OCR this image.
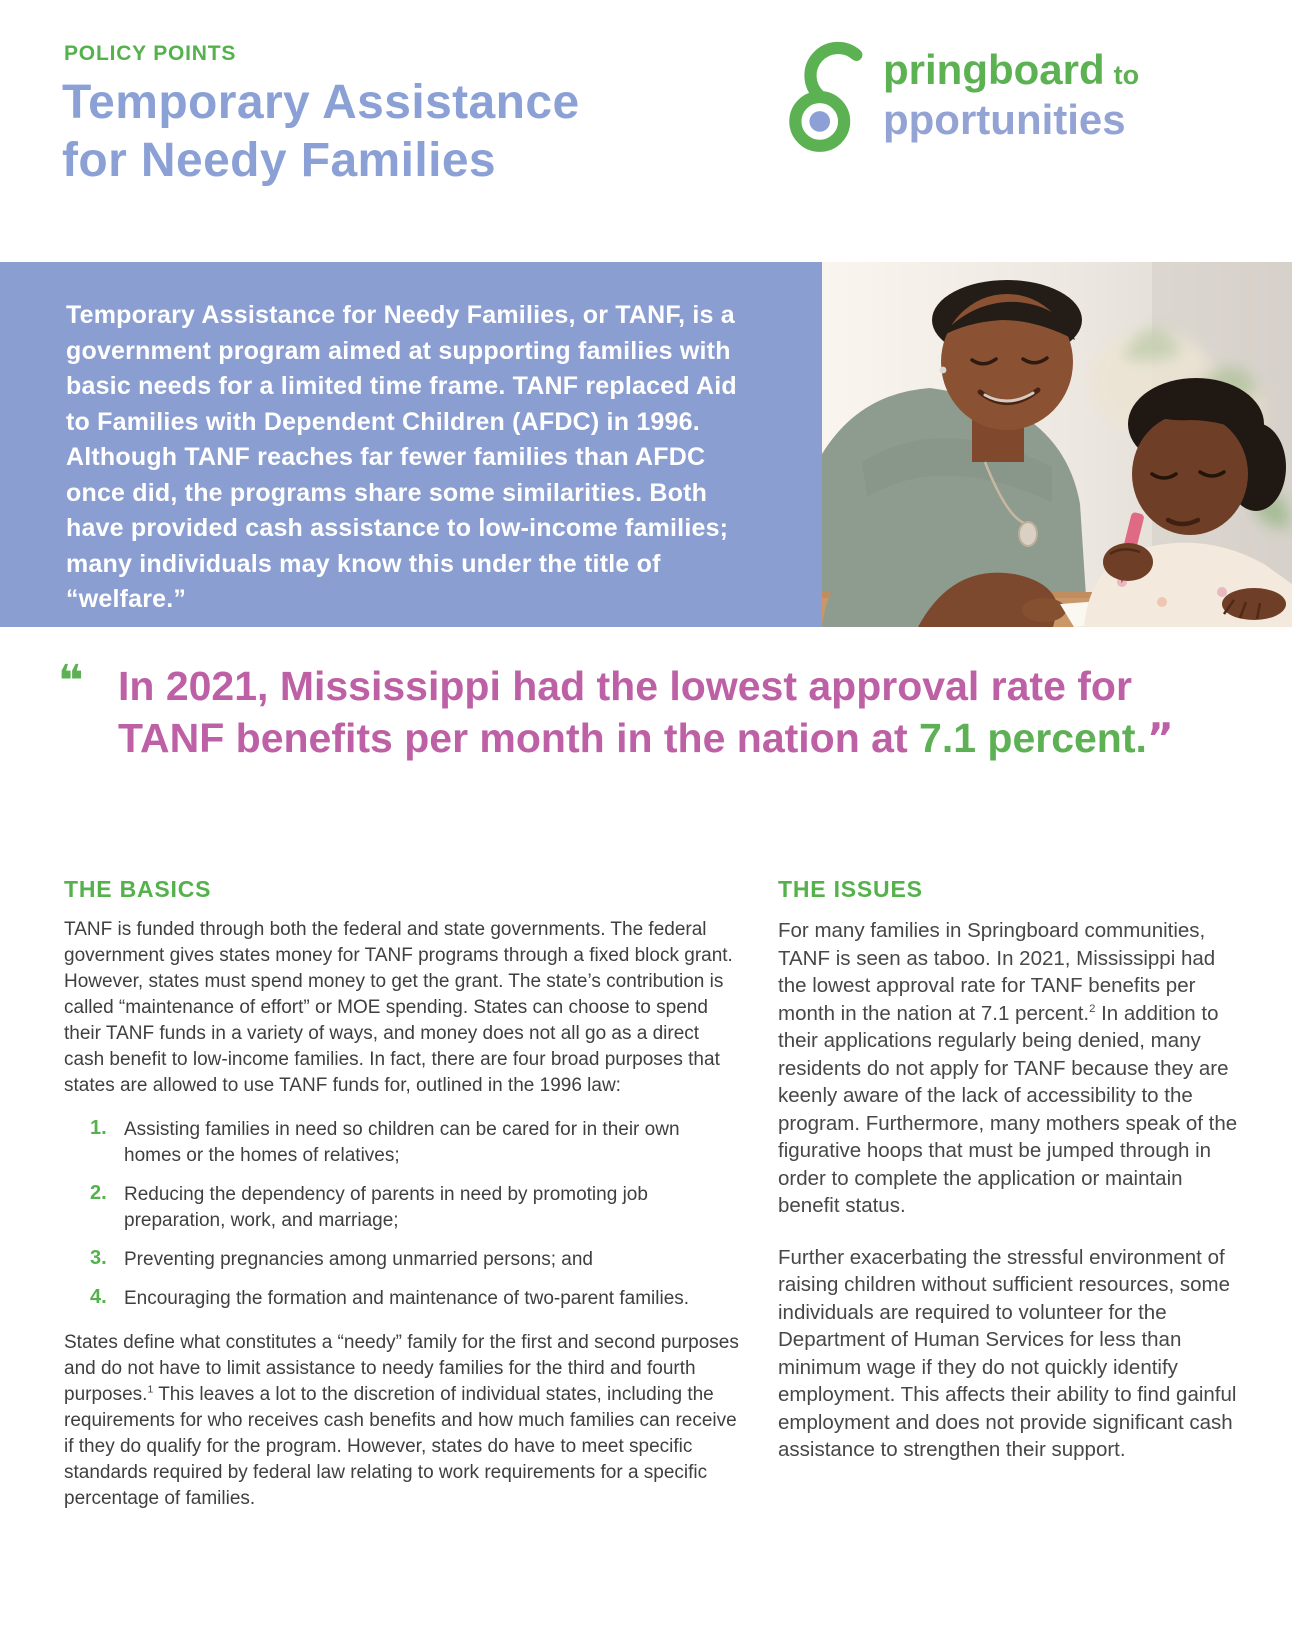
POLICY POINTS
Temporary Assistance
for Needy Families
pringboard to
pportunities
Temporary Assistance for Needy Families, or TANF, is a government program aimed at supporting families with basic needs for a limited time frame. TANF replaced Aid to Families with Dependent Children (AFDC) in 1996. Although TANF reaches far fewer families than AFDC once did, the programs share some similarities. Both have provided cash assistance to low-income families; many individuals may know this under the title of “welfare.”
❝ In 2021, Mississippi had the lowest approval rate for TANF benefits per month in the nation at 7.1 percent.”
THE BASICS

TANF is funded through both the federal and state governments. The federal government gives states money for TANF programs through a fixed block grant. However, states must spend money to get the grant. The state’s contribution is called “maintenance of effort” or MOE spending. States can choose to spend their TANF funds in a variety of ways, and money does not all go as a direct cash benefit to low-income families. In fact, there are four broad purposes that states are allowed to use TANF funds for, outlined in the 1996 law:

1. Assisting families in need so children can be cared for in their own homes or the homes of relatives;
2. Reducing the dependency of parents in need by promoting job preparation, work, and marriage;
3. Preventing pregnancies among unmarried persons; and
4. Encouraging the formation and maintenance of two-parent families.

States define what constitutes a “needy” family for the first and second purposes and do not have to limit assistance to needy families for the third and fourth purposes.$^1$ This leaves a lot to the discretion of individual states, including the requirements for who receives cash benefits and how much families can receive if they do qualify for the program. However, states do have to meet specific standards required by federal law relating to work requirements for a specific percentage of families.

THE ISSUES

For many families in Springboard communities, TANF is seen as taboo. In 2021, Mississippi had the lowest approval rate for TANF benefits per month in the nation at 7.1 percent.$^2$ In addition to their applications regularly being denied, many residents do not apply for TANF because they are keenly aware of the lack of accessibility to the program. Furthermore, many mothers speak of the figurative hoops that must be jumped through in order to complete the application or maintain benefit status.

Further exacerbating the stressful environment of raising children without sufficient resources, some individuals are required to volunteer for the Department of Human Services for less than minimum wage if they do not quickly identify employment. This affects their ability to find gainful employment and does not provide significant cash assistance to strengthen their support.
